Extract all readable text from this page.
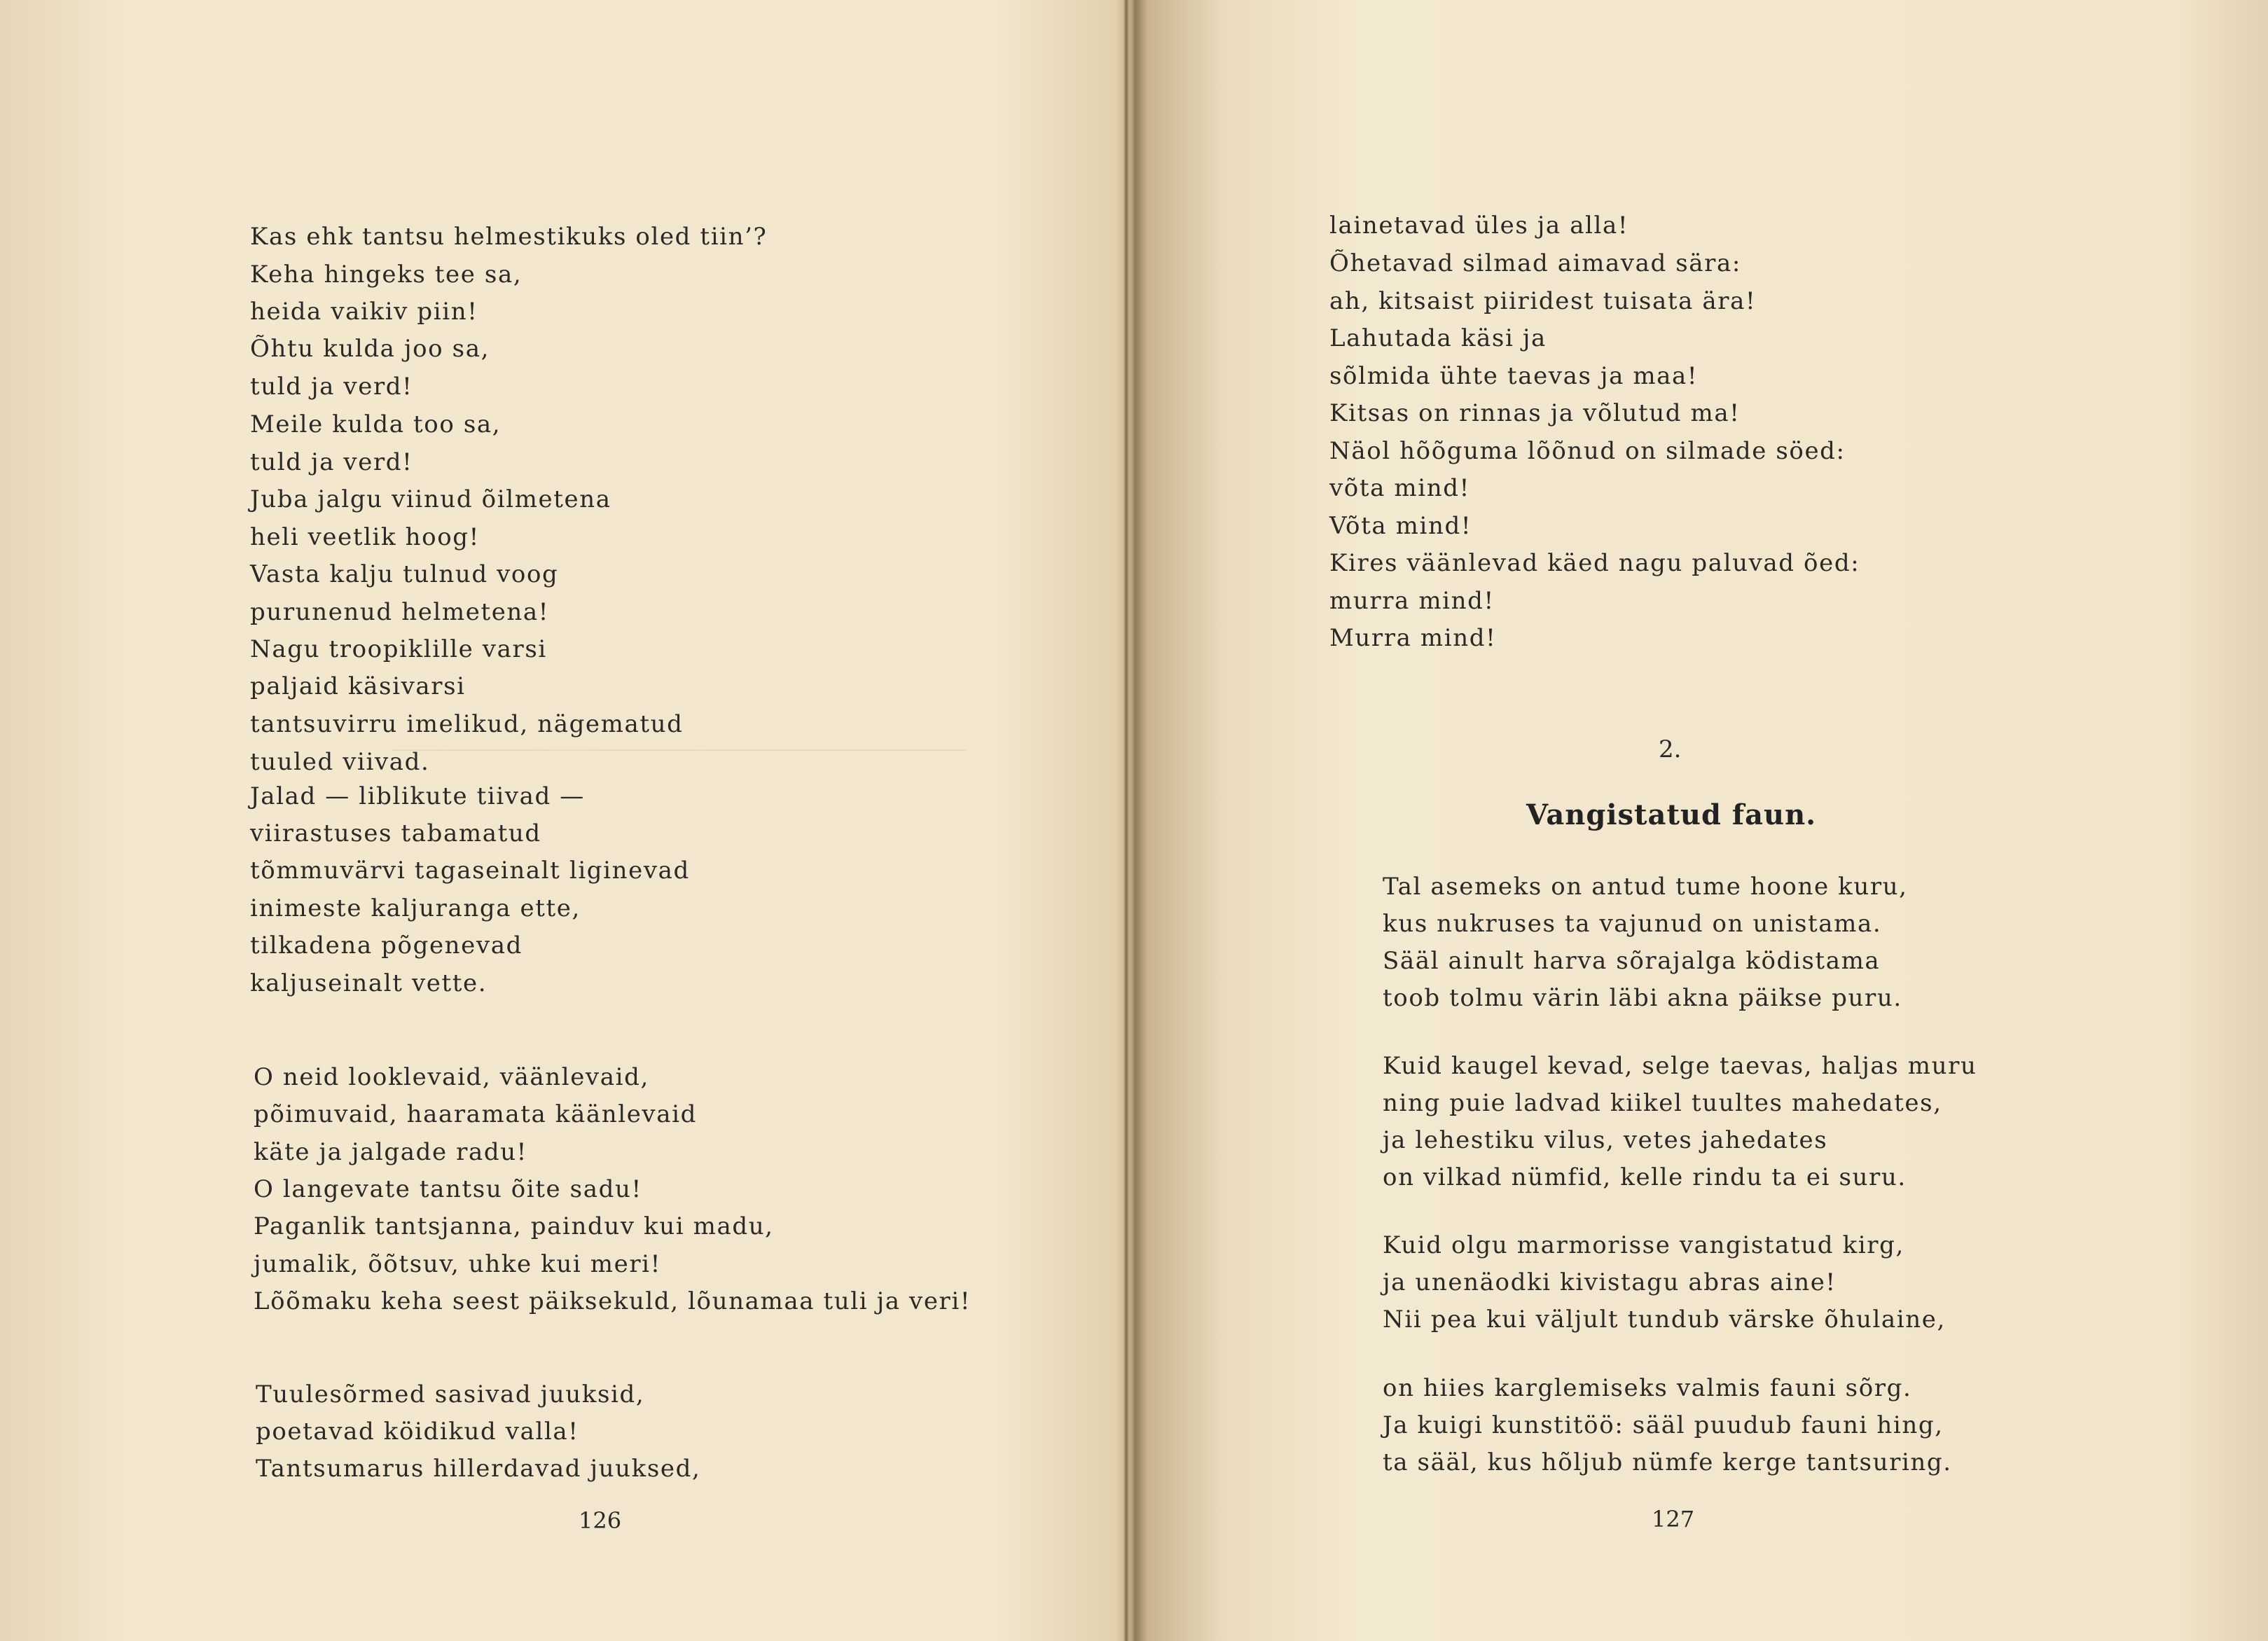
Kas ehk tantsu helmestikuks oled tiin’?
Keha hingeks tee sa,
heida vaikiv piin!
Õhtu kulda joo sa,
tuld ja verd!
Meile kulda too sa,
tuld ja verd!
Juba jalgu viinud õilmetena
heli veetlik hoog!
Vasta kalju tulnud voog
purunenud helmetena!
Nagu troopiklille varsi
paljaid käsivarsi
tantsuvirru imelikud, nägematud
tuuled viivad.
Jalad — liblikute tiivad —
viirastuses tabamatud
tõmmuvärvi tagaseinalt liginevad
inimeste kaljuranga ette,
tilkadena põgenevad
kaljuseinalt vette.
O neid looklevaid, väänlevaid,
põimuvaid, haaramata käänlevaid
käte ja jalgade radu!
O langevate tantsu õite sadu!
Paganlik tantsjanna, painduv kui madu,
jumalik, õõtsuv, uhke kui meri!
Lõõmaku keha seest päiksekuld, lõunamaa tuli ja veri!
Tuulesõrmed sasivad juuksid,
poetavad köidikud valla!
Tantsumarus hillerdavad juuksed,
126
lainetavad üles ja alla!
Õhetavad silmad aimavad sära:
ah, kitsaist piiridest tuisata ära!
Lahutada käsi ja
sõlmida ühte taevas ja maa!
Kitsas on rinnas ja võlutud ma!
Näol hõõguma lõõnud on silmade söed:
võta mind!
Võta mind!
Kires väänlevad käed nagu paluvad õed:
murra mind!
Murra mind!
2.
Vangistatud faun.
Tal asemeks on antud tume hoone kuru,
kus nukruses ta vajunud on unistama.
Sääl ainult harva sõrajalga ködistama
toob tolmu värin läbi akna päikse puru.
Kuid kaugel kevad, selge taevas, haljas muru
ning puie ladvad kiikel tuultes mahedates,
ja lehestiku vilus, vetes jahedates
on vilkad nümfid, kelle rindu ta ei suru.
Kuid olgu marmorisse vangistatud kirg,
ja unenäodki kivistagu abras aine!
Nii pea kui väljult tundub värske õhulaine,
on hiies karglemiseks valmis fauni sõrg.
Ja kuigi kunstitöö: sääl puudub fauni hing,
ta sääl, kus hõljub nümfe kerge tantsuring.
127
